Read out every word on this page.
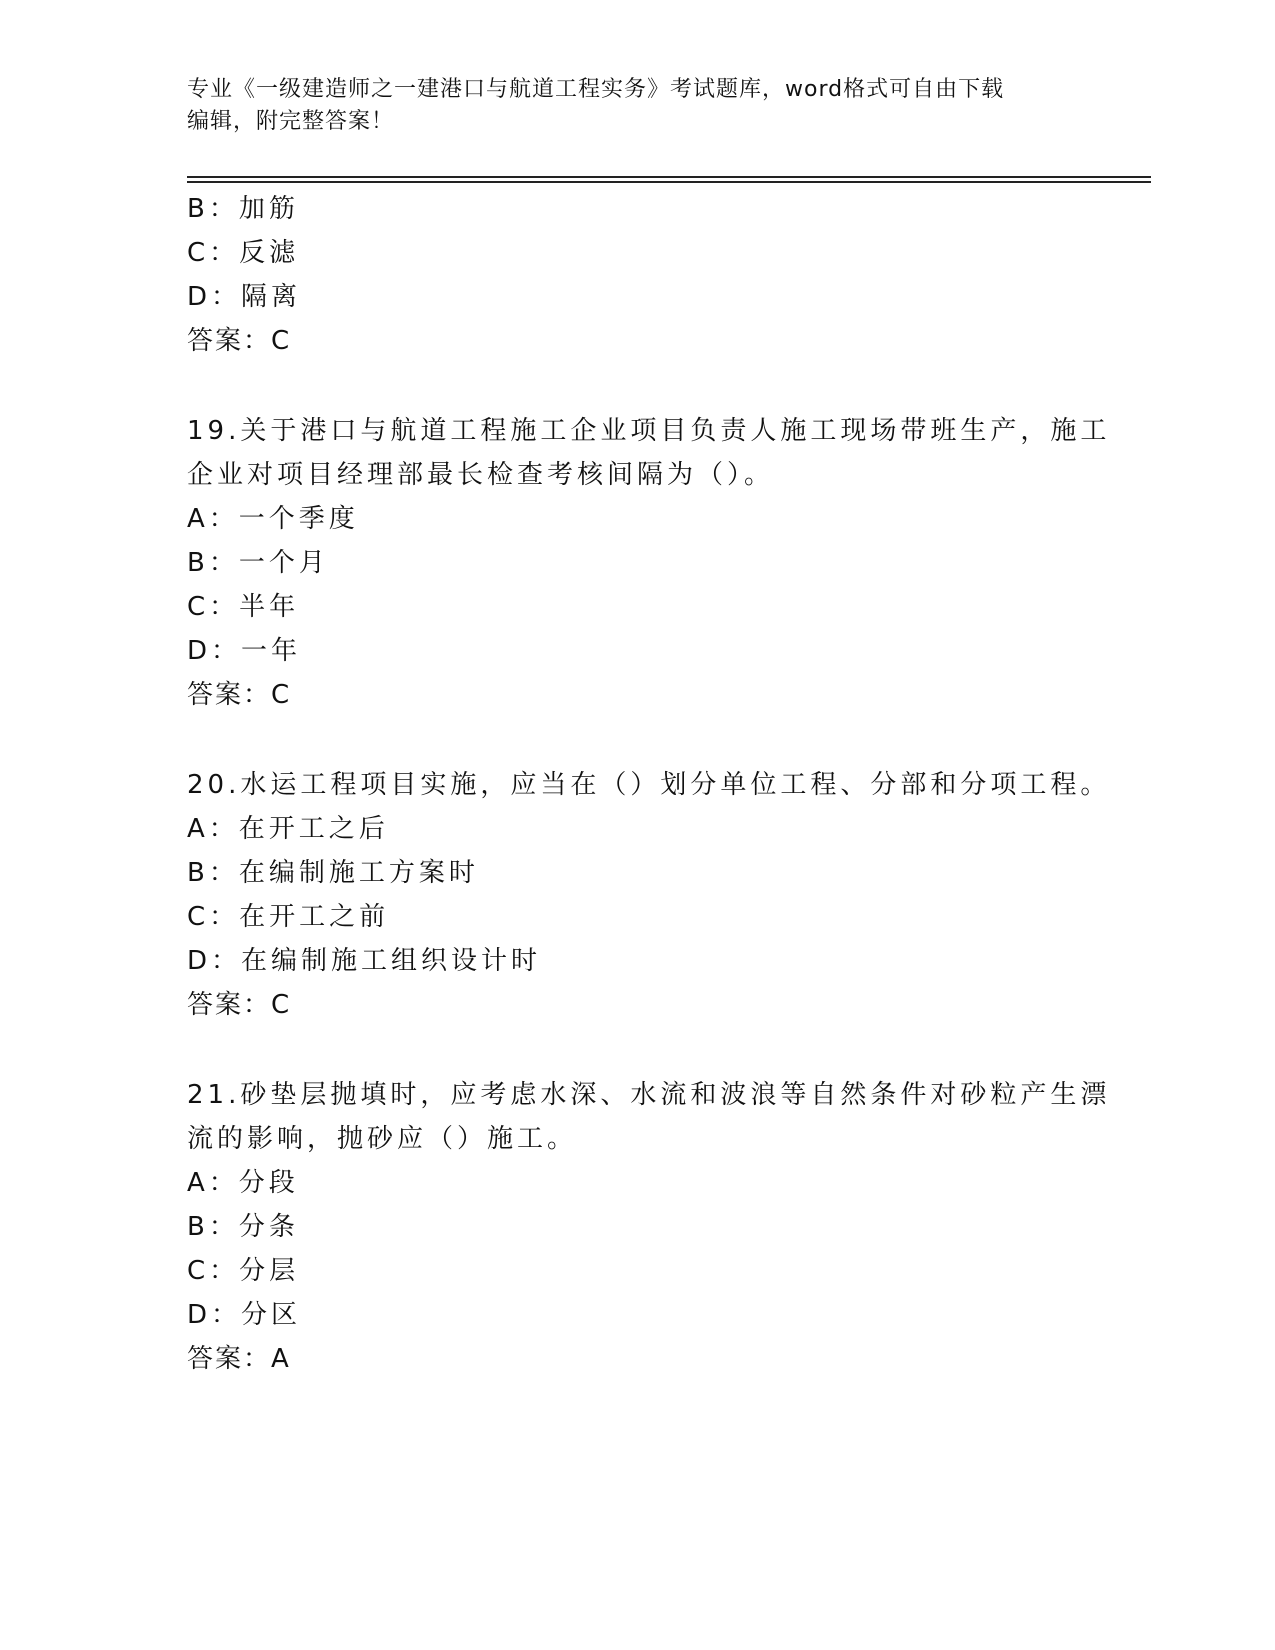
专业《一级建造师之一建港口与航道工程实务》考试题库，word格式可自由下载
编辑，附完整答案！
B：加筋
C：反滤
D：隔离
答案：C
19.关于港口与航道工程施工企业项目负责人施工现场带班生产，施工
企业对项目经理部最长检查考核间隔为（）。
A：一个季度
B：一个月
C：半年
D：一年
答案：C
20.水运工程项目实施，应当在（）划分单位工程、分部和分项工程。
A：在开工之后
B：在编制施工方案时
C：在开工之前
D：在编制施工组织设计时
答案：C
21.砂垫层抛填时，应考虑水深、水流和波浪等自然条件对砂粒产生漂
流的影响，抛砂应（）施工。
A：分段
B：分条
C：分层
D：分区
答案：A
